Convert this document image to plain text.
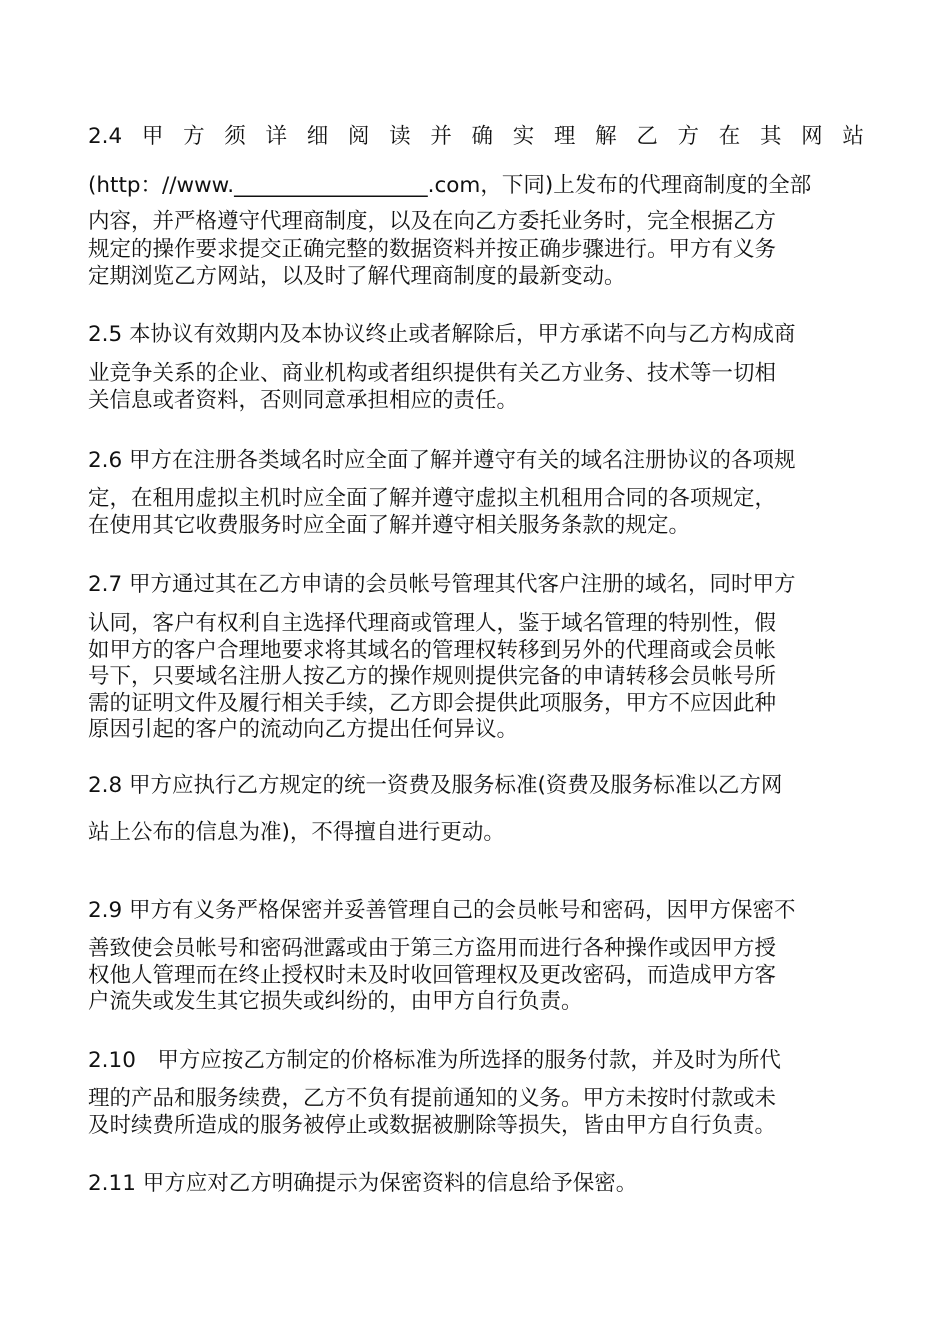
2.4 甲 方 须 详 细 阅 读 并 确 实 理 解 乙 方 在 其 网 站
(http：//www.__________________.com，下同)上发布的代理商制度的全部
内容，并严格遵守代理商制度，以及在向乙方委托业务时，完全根据乙方
规定的操作要求提交正确完整的数据资料并按正确步骤进行。甲方有义务
定期浏览乙方网站，以及时了解代理商制度的最新变动。
2.5 本协议有效期内及本协议终止或者解除后，甲方承诺不向与乙方构成商
业竞争关系的企业、商业机构或者组织提供有关乙方业务、技术等一切相
关信息或者资料，否则同意承担相应的责任。
2.6 甲方在注册各类域名时应全面了解并遵守有关的域名注册协议的各项规
定，在租用虚拟主机时应全面了解并遵守虚拟主机租用合同的各项规定，
在使用其它收费服务时应全面了解并遵守相关服务条款的规定。
2.7 甲方通过其在乙方申请的会员帐号管理其代客户注册的域名，同时甲方
认同，客户有权利自主选择代理商或管理人，鉴于域名管理的特别性，假
如甲方的客户合理地要求将其域名的管理权转移到另外的代理商或会员帐
号下，只要域名注册人按乙方的操作规则提供完备的申请转移会员帐号所
需的证明文件及履行相关手续，乙方即会提供此项服务，甲方不应因此种
原因引起的客户的流动向乙方提出任何异议。
2.8 甲方应执行乙方规定的统一资费及服务标准(资费及服务标准以乙方网
站上公布的信息为准)，不得擅自进行更动。
2.9 甲方有义务严格保密并妥善管理自己的会员帐号和密码，因甲方保密不
善致使会员帐号和密码泄露或由于第三方盗用而进行各种操作或因甲方授
权他人管理而在终止授权时未及时收回管理权及更改密码，而造成甲方客
户流失或发生其它损失或纠纷的，由甲方自行负责。
2.10　甲方应按乙方制定的价格标准为所选择的服务付款，并及时为所代
理的产品和服务续费，乙方不负有提前通知的义务。甲方未按时付款或未
及时续费所造成的服务被停止或数据被删除等损失，皆由甲方自行负责。
2.11 甲方应对乙方明确提示为保密资料的信息给予保密。
